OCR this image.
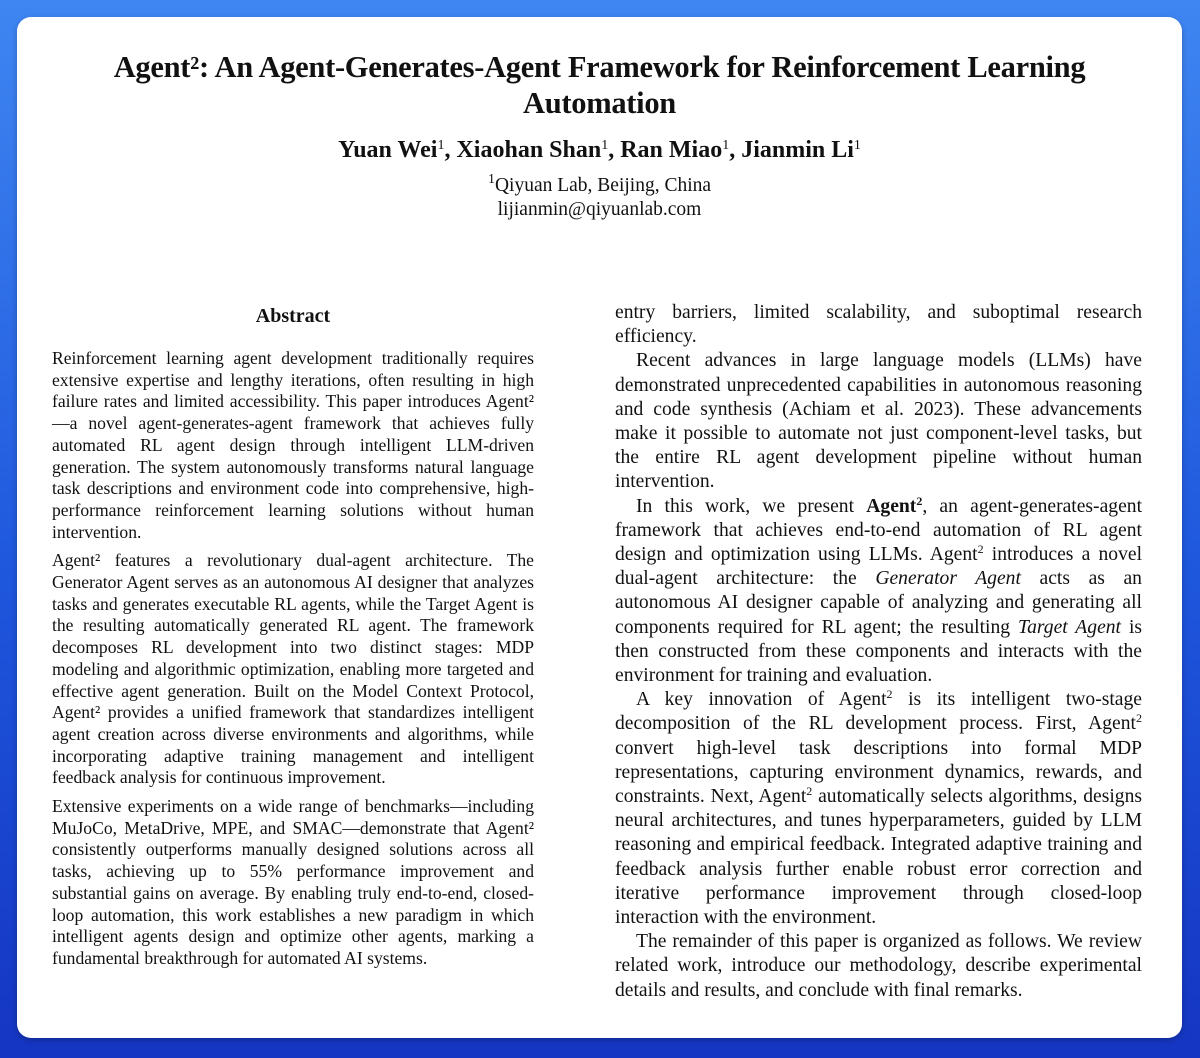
Agent²: An Agent-Generates-Agent Framework for Reinforcement Learning Automation
Yuan Wei$^1$, Xiaohan Shan$^1$, Ran Miao$^1$, Jianmin Li$^1$
$^1$Qiyuan Lab, Beijing, China
lijianmin@qiyuanlab.com
Abstract

Reinforcement learning agent development traditionally requires extensive expertise and lengthy iterations, often resulting in high failure rates and limited accessibility. This paper introduces Agent²—a novel agent-generates-agent framework that achieves fully automated RL agent design through intelligent LLM-driven generation. The system autonomously transforms natural language task descriptions and environment code into comprehensive, high-performance reinforcement learning solutions without human intervention.

Agent² features a revolutionary dual-agent architecture. The Generator Agent serves as an autonomous AI designer that analyzes tasks and generates executable RL agents, while the Target Agent is the resulting automatically generated RL agent. The framework decomposes RL development into two distinct stages: MDP modeling and algorithmic optimization, enabling more targeted and effective agent generation. Built on the Model Context Protocol, Agent² provides a unified framework that standardizes intelligent agent creation across diverse environments and algorithms, while incorporating adaptive training management and intelligent feedback analysis for continuous improvement.

Extensive experiments on a wide range of benchmarks—including MuJoCo, MetaDrive, MPE, and SMAC—demonstrate that Agent² consistently outperforms manually designed solutions across all tasks, achieving up to 55% performance improvement and substantial gains on average. By enabling truly end-to-end, closed-loop automation, this work establishes a new paradigm in which intelligent agents design and optimize other agents, marking a fundamental breakthrough for automated AI systems.

entry barriers, limited scalability, and suboptimal research efficiency.

Recent advances in large language models (LLMs) have demonstrated unprecedented capabilities in autonomous reasoning and code synthesis (Achiam et al. 2023). These advancements make it possible to automate not just component-level tasks, but the entire RL agent development pipeline without human intervention.

In this work, we present Agent$^2$, an agent-generates-agent framework that achieves end-to-end automation of RL agent design and optimization using LLMs. Agent$^2$ introduces a novel dual-agent architecture: the Generator Agent acts as an autonomous AI designer capable of analyzing and generating all components required for RL agent; the resulting Target Agent is then constructed from these components and interacts with the environment for training and evaluation.

A key innovation of Agent$^2$ is its intelligent two-stage decomposition of the RL development process. First, Agent$^2$ convert high-level task descriptions into formal MDP representations, capturing environment dynamics, rewards, and constraints. Next, Agent$^2$ automatically selects algorithms, designs neural architectures, and tunes hyperparameters, guided by LLM reasoning and empirical feedback. Integrated adaptive training and feedback analysis further enable robust error correction and iterative performance improvement through closed-loop interaction with the environment.

The remainder of this paper is organized as follows. We review related work, introduce our methodology, describe experimental details and results, and conclude with final remarks.
